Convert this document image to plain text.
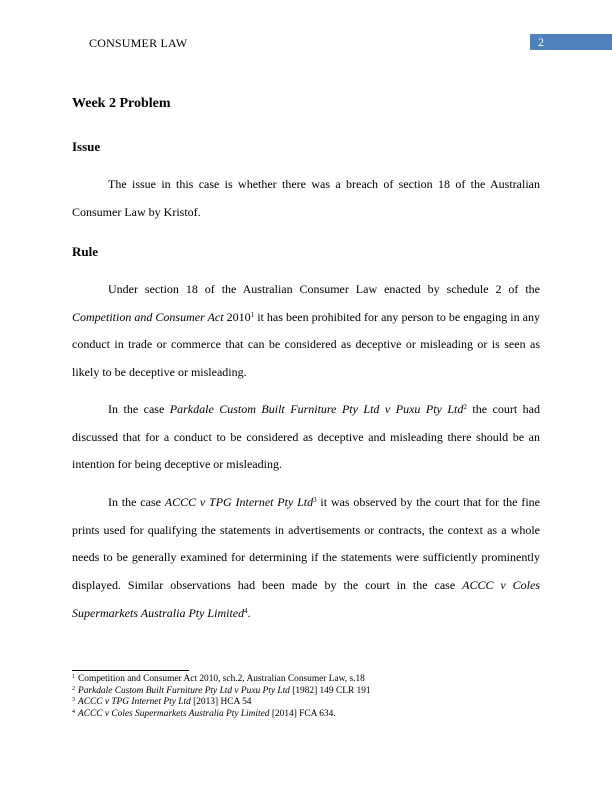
CONSUMER LAW	2
Week 2 Problem
Issue

The issue in this case is whether there was a breach of section 18 of the Australian Consumer Law by Kristof.

Rule

Under section 18 of the Australian Consumer Law enacted by schedule 2 of the Competition and Consumer Act 2010$^1$ it has been prohibited for any person to be engaging in any conduct in trade or commerce that can be considered as deceptive or misleading or is seen as likely to be deceptive or misleading.

In the case Parkdale Custom Built Furniture Pty Ltd v Puxu Pty Ltd$^2$ the court had discussed that for a conduct to be considered as deceptive and misleading there should be an intention for being deceptive or misleading.

In the case ACCC v TPG Internet Pty Ltd$^3$ it was observed by the court that for the fine prints used for qualifying the statements in advertisements or contracts, the context as a whole needs to be generally examined for determining if the statements were sufficiently prominently displayed. Similar observations had been made by the court in the case ACCC v Coles Supermarkets Australia Pty Limited$^4$.

$^1$ Competition and Consumer Act 2010, sch.2, Australian Consumer Law, s.18
$^2$ Parkdale Custom Built Furniture Pty Ltd v Puxu Pty Ltd [1982] 149 CLR 191
$^3$ ACCC v TPG Internet Pty Ltd [2013] HCA 54
$^4$ ACCC v Coles Supermarkets Australia Pty Limited [2014] FCA 634.
